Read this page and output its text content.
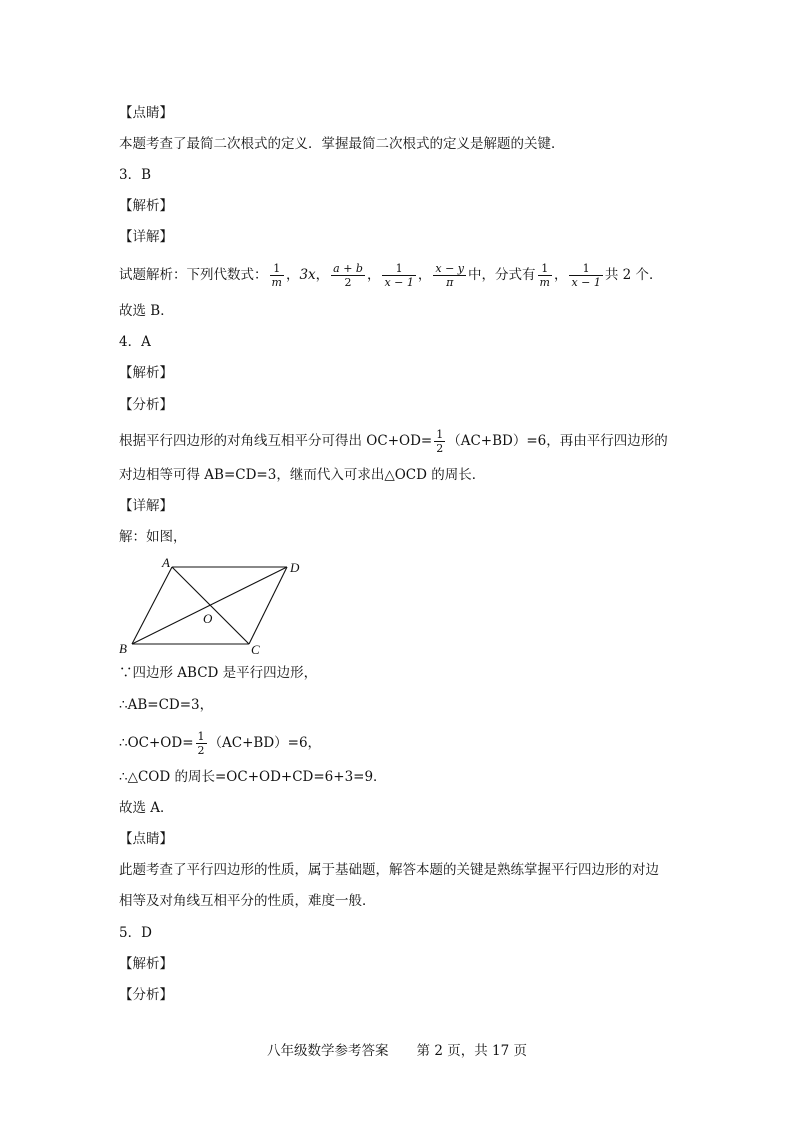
【点睛】
本题考查了最简二次根式的定义．掌握最简二次根式的定义是解题的关键．
3．B
【解析】
【详解】
试题解析：下列代数式： $\frac{1}{m}$ ，3x， $\frac{a + b}{2}$ ， $\frac{1}{x - 1}$ ， $\frac{x - y}{\pi}$ 中，分式有 $\frac{1}{m}$ ， $\frac{1}{x - 1}$ 共 2 个．
故选 B．
4．A
【解析】
【分析】
根据平行四边形的对角线互相平分可得出 $OC+OD= \frac{1}{2} (AC+BD)=6$，再由平行四边形的
对边相等可得 AB=CD=3，继而代入可求出△OCD 的周长．
【详解】
解：如图，
A	D
B	C
O
∵四边形 ABCD 是平行四边形，
∴AB=CD=3，
∴OC+OD= $\frac{1}{2} (AC+BD)=6$，
∴△COD 的周长=OC+OD+CD=6+3=9．
故选 A．
【点睛】
此题考查了平行四边形的性质，属于基础题，解答本题的关键是熟练掌握平行四边形的对边
相等及对角线互相平分的性质，难度一般．
5．D
【解析】
【分析】
八年级数学参考答案 第 2 页，共 17 页
